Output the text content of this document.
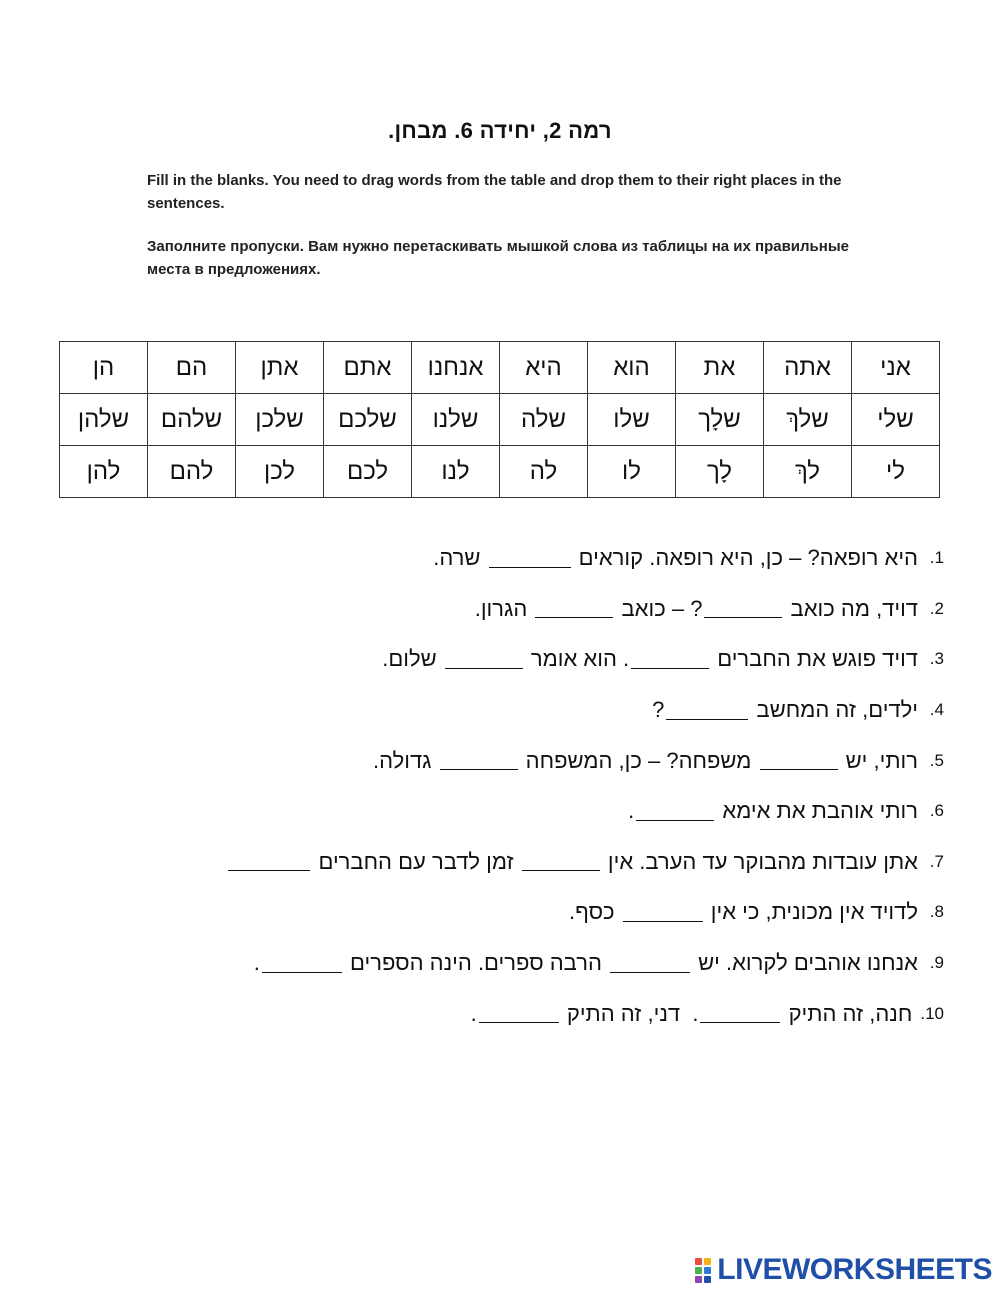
רמה 2, יחידה 6. מבחן.
Fill in the blanks. You need to drag words from the table and drop them to their right places in the sentences.
Заполните пропуски. Вам нужно перетаскивать мышкой слова из таблицы на их правильные места в предложениях.
אני	אתה	את	הוא	היא	אנחנו	אתם	אתן	הם	הן
שלי	שלךְ	שלָך	שלו	שלה	שלנו	שלכם	שלכן	שלהם	שלהן
לי	לךְ	לָך	לו	לה	לנו	לכם	לכן	להם	להן
1.
היא רופאה? – כן, היא רופאה. קוראים
שרה.
2.
דויד, מה כואב
? – כואב
הגרון.
3.
דויד פוגש את החברים
. הוא אומר
שלום.
4.
ילדים, זה המחשב
?
5.
רותי, יש
משפחה? – כן, המשפחה
גדולה.
6.
רותי אוהבת את אימא
.
7.
אתן עובדות מהבוקר עד הערב. אין
זמן לדבר עם החברים
8.
לדויד אין מכונית, כי אין
כסף.
9.
אנחנו אוהבים לקרוא. יש
הרבה ספרים. הינה הספרים
.
10.
חנה, זה התיק
.  דני, זה התיק
.
LIVEWORKSHEETS
